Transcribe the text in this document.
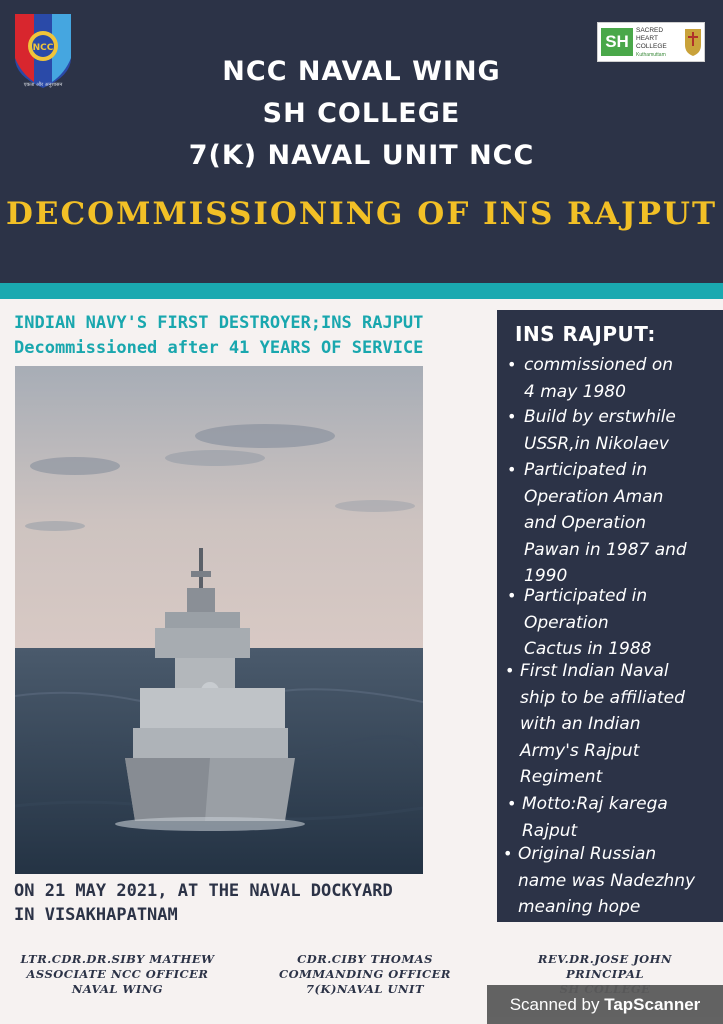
NCC
एकता और अनुशासन
SH
SACRED
HEART
COLLEGE
Kuthamuttam
NCC NAVAL WING
SH COLLEGE
7(K) NAVAL UNIT NCC
DECOMMISSIONING OF INS RAJPUT
INDIAN NAVY'S FIRST DESTROYER;INS RAJPUT
Decommissioned after 41 YEARS OF SERVICE
INS RAJPUT:
• commissioned on
4 may 1980
• Build by erstwhile
USSR,in Nikolaev
• Participated in
Operation Aman
and Operation
Pawan in 1987 and
1990
• Participated in
Operation
Cactus in 1988
• First Indian Naval
ship to be affiliated
with an Indian
Army's Rajput
Regiment
• Motto:Raj karega
Rajput
• Original Russian
name was Nadezhny
meaning hope
ON 21 MAY 2021, AT THE NAVAL DOCKYARD
IN VISAKHAPATNAM
LTR.CDR.DR.SIBY MATHEW
ASSOCIATE NCC OFFICER
NAVAL WING
CDR.CIBY THOMAS
COMMANDING OFFICER
7(K)NAVAL UNIT
REV.DR.JOSE JOHN
PRINCIPAL
Scanned by TapScanner
